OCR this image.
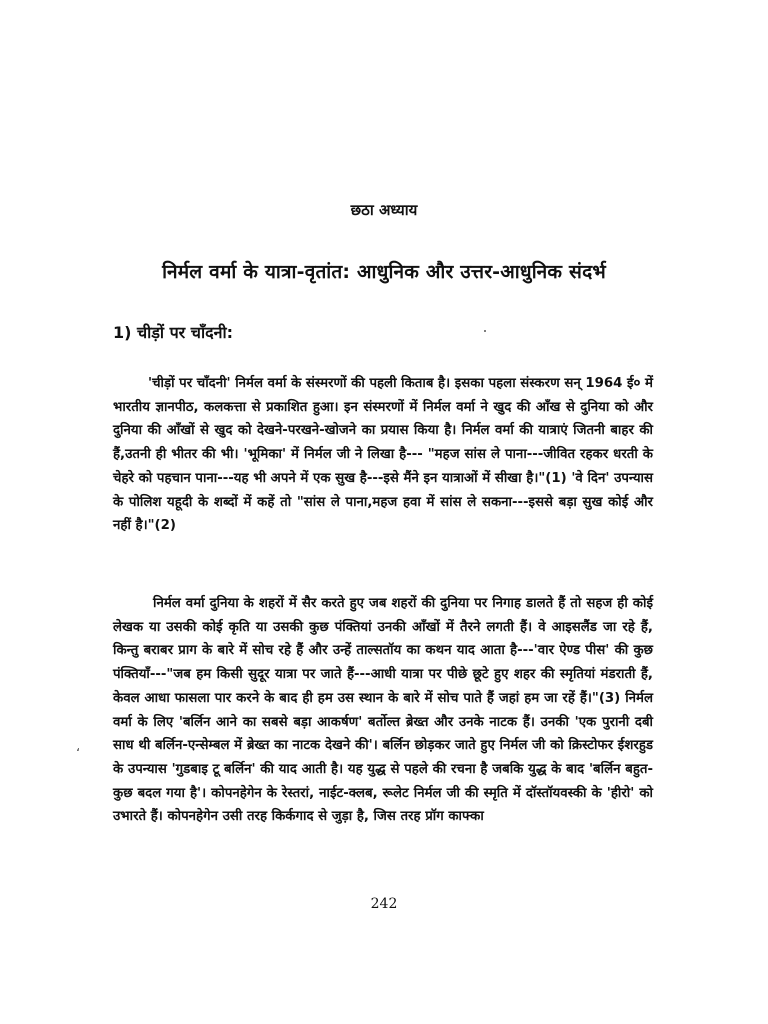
छठा अध्याय
निर्मल वर्मा के यात्रा-वृतांत: आधुनिक और उत्तर-आधुनिक संदर्भ
1) चीड़ों पर चाँदनी:

'चीड़ों पर चाँदनी' निर्मल वर्मा के संस्मरणों की पहली किताब है। इसका पहला संस्करण सन् 1964 ई० में भारतीय ज्ञानपीठ, कलकत्ता से प्रकाशित हुआ। इन संस्मरणों में निर्मल वर्मा ने खुद की आँख से दुनिया को और दुनिया की आँखों से खुद को देखने-परखने-खोजने का प्रयास किया है। निर्मल वर्मा की यात्राएं जितनी बाहर की हैं,उतनी ही भीतर की भी। 'भूमिका' में निर्मल जी ने लिखा है--- "महज सांस ले पाना---जीवित रहकर धरती के चेहरे को पहचान पाना---यह भी अपने में एक सुख है---इसे मैंने इन यात्राओं में सीखा है।"(1) 'वे दिन' उपन्यास के पोलिश यहूदी के शब्दों में कहें तो "सांस ले पाना,महज हवा में सांस ले सकना---इससे बड़ा सुख कोई और नहीं है।"(2)

निर्मल वर्मा दुनिया के शहरों में सैर करते हुए जब शहरों की दुनिया पर निगाह डालते हैं तो सहज ही कोई लेखक या उसकी कोई कृति या उसकी कुछ पंक्तियां उनकी आँखों में तैरने लगती हैं। वे आइसलैंड जा रहे हैं, किन्तु बराबर प्राग के बारे में सोच रहे हैं और उन्हें ताल्सतॉय का कथन याद आता है---'वार ऐण्ड पीस' की कुछ पंक्तियाँ---"जब हम किसी सुदूर यात्रा पर जाते हैं---आधी यात्रा पर पीछे छूटे हुए शहर की स्मृतियां मंडराती हैं, केवल आधा फासला पार करने के बाद ही हम उस स्थान के बारे में सोच पाते हैं जहां हम जा रहें हैं।"(3) निर्मल वर्मा के लिए 'बर्लिन आने का सबसे बड़ा आकर्षण' बर्तोल्त ब्रेख्त और उनके नाटक हैं। उनकी 'एक पुरानी दबी साध थी बर्लिन-एन्सेम्बल में ब्रेख्त का नाटक देखने की'। बर्लिन छोड़कर जाते हुए निर्मल जी को क्रिस्टोफर ईशरहुड के उपन्यास 'गुडबाइ टू बर्लिन' की याद आती है। यह युद्ध से पहले की रचना है जबकि युद्ध के बाद 'बर्लिन बहुत-कुछ बदल गया है'। कोपनहेगेन के रेस्तरां, नाईट-क्लब, रूलेट निर्मल जी की स्मृति में दॉस्तॉयवस्की के 'हीरो' को उभारते हैं। कोपनहेगेन उसी तरह किर्कगाद से जुड़ा है, जिस तरह प्रॉग काफ्का

،
242
